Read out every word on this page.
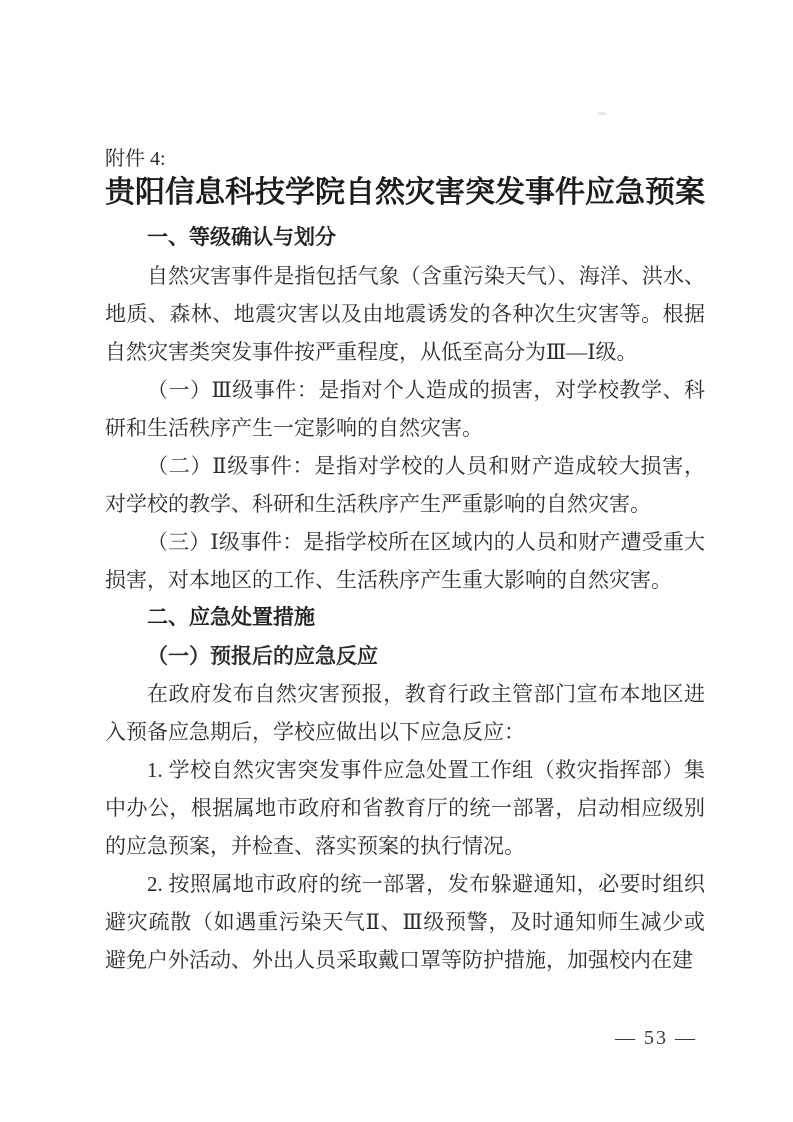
附件 4:
贵阳信息科技学院自然灾害突发事件应急预案
一、等级确认与划分

自然灾害事件是指包括气象（含重污染天气）、海洋、洪水、地质、森林、地震灾害以及由地震诱发的各种次生灾害等。根据自然灾害类突发事件按严重程度，从低至高分为Ⅲ—Ⅰ级。

（一）Ⅲ级事件：是指对个人造成的损害，对学校教学、科研和生活秩序产生一定影响的自然灾害。

（二）Ⅱ级事件：是指对学校的人员和财产造成较大损害，对学校的教学、科研和生活秩序产生严重影响的自然灾害。

（三）Ⅰ级事件：是指学校所在区域内的人员和财产遭受重大损害，对本地区的工作、生活秩序产生重大影响的自然灾害。

二、应急处置措施
（一）预报后的应急反应

在政府发布自然灾害预报，教育行政主管部门宣布本地区进入预备应急期后，学校应做出以下应急反应：

1. 学校自然灾害突发事件应急处置工作组（救灾指挥部）集中办公，根据属地市政府和省教育厅的统一部署，启动相应级别的应急预案，并检查、落实预案的执行情况。

2. 按照属地市政府的统一部署，发布躲避通知，必要时组织避灾疏散（如遇重污染天气Ⅱ、Ⅲ级预警，及时通知师生减少或避免户外活动、外出人员采取戴口罩等防护措施，加强校内在建

— 53 —
